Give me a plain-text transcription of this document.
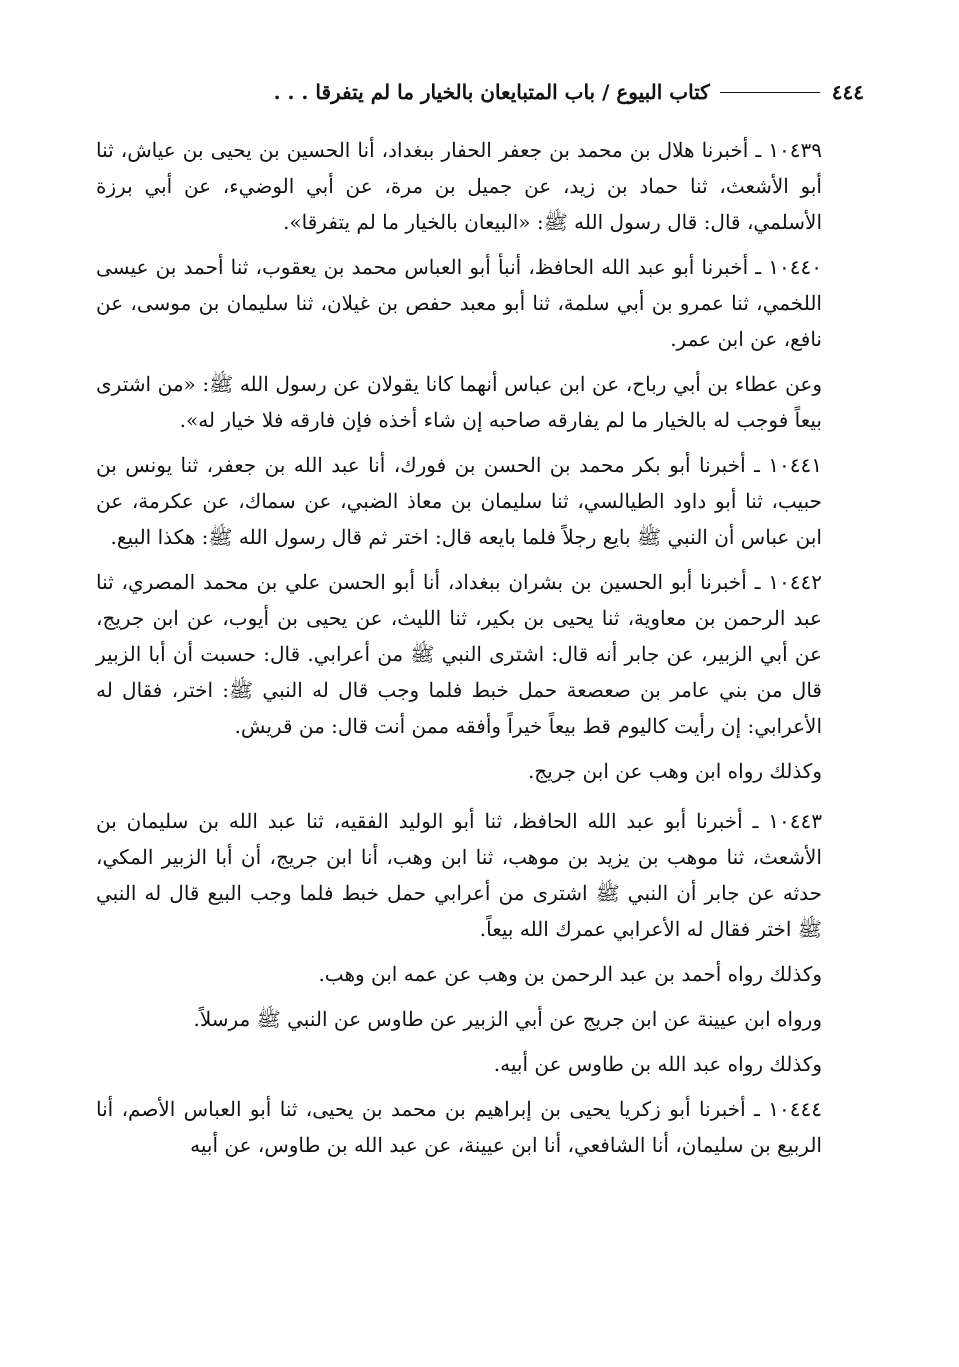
٤٤٤
كتاب البيوع / باب المتبايعان بالخيار ما لم يتفرقا . . .

١٠٤٣٩ ـ أخبرنا هلال بن محمد بن جعفر الحفار ببغداد، أنا الحسين بن يحيى بن عياش، ثنا أبو الأشعث، ثنا حماد بن زيد، عن جميل بن مرة، عن أبي الوضيء، عن أبي برزة الأسلمي، قال: قال رسول الله ﷺ: «البيعان بالخيار ما لم يتفرقا».

١٠٤٤٠ ـ أخبرنا أبو عبد الله الحافظ، أنبأ أبو العباس محمد بن يعقوب، ثنا أحمد بن عيسى اللخمي، ثنا عمرو بن أبي سلمة، ثنا أبو معبد حفص بن غيلان، ثنا سليمان بن موسى، عن نافع، عن ابن عمر.

وعن عطاء بن أبي رباح، عن ابن عباس أنهما كانا يقولان عن رسول الله ﷺ: «من اشترى بيعاً فوجب له بالخيار ما لم يفارقه صاحبه إن شاء أخذه فإن فارقه فلا خيار له».

١٠٤٤١ ـ أخبرنا أبو بكر محمد بن الحسن بن فورك، أنا عبد الله بن جعفر، ثنا يونس بن حبيب، ثنا أبو داود الطيالسي، ثنا سليمان بن معاذ الضبي، عن سماك، عن عكرمة، عن ابن عباس أن النبي ﷺ بايع رجلاً فلما بايعه قال: اختر ثم قال رسول الله ﷺ: هكذا البيع.

١٠٤٤٢ ـ أخبرنا أبو الحسين بن بشران ببغداد، أنا أبو الحسن علي بن محمد المصري، ثنا عبد الرحمن بن معاوية، ثنا يحيى بن بكير، ثنا الليث، عن يحيى بن أيوب، عن ابن جريج، عن أبي الزبير، عن جابر أنه قال: اشترى النبي ﷺ من أعرابي. قال: حسبت أن أبا الزبير قال من بني عامر بن صعصعة حمل خبط فلما وجب قال له النبي ﷺ: اختر، فقال له الأعرابي: إن رأيت كاليوم قط بيعاً خيراً وأفقه ممن أنت قال: من قريش.

وكذلك رواه ابن وهب عن ابن جريج.

١٠٤٤٣ ـ أخبرنا أبو عبد الله الحافظ، ثنا أبو الوليد الفقيه، ثنا عبد الله بن سليمان بن الأشعث، ثنا موهب بن يزيد بن موهب، ثنا ابن وهب، أنا ابن جريج، أن أبا الزبير المكي، حدثه عن جابر أن النبي ﷺ اشترى من أعرابي حمل خبط فلما وجب البيع قال له النبي ﷺ اختر فقال له الأعرابي عمرك الله بيعاً.

وكذلك رواه أحمد بن عبد الرحمن بن وهب عن عمه ابن وهب.

ورواه ابن عيينة عن ابن جريج عن أبي الزبير عن طاوس عن النبي ﷺ مرسلاً.

وكذلك رواه عبد الله بن طاوس عن أبيه.

١٠٤٤٤ ـ أخبرنا أبو زكريا يحيى بن إبراهيم بن محمد بن يحيى، ثنا أبو العباس الأصم، أنا الربيع بن سليمان، أنا الشافعي، أنا ابن عيينة، عن عبد الله بن طاوس، عن أبيه
